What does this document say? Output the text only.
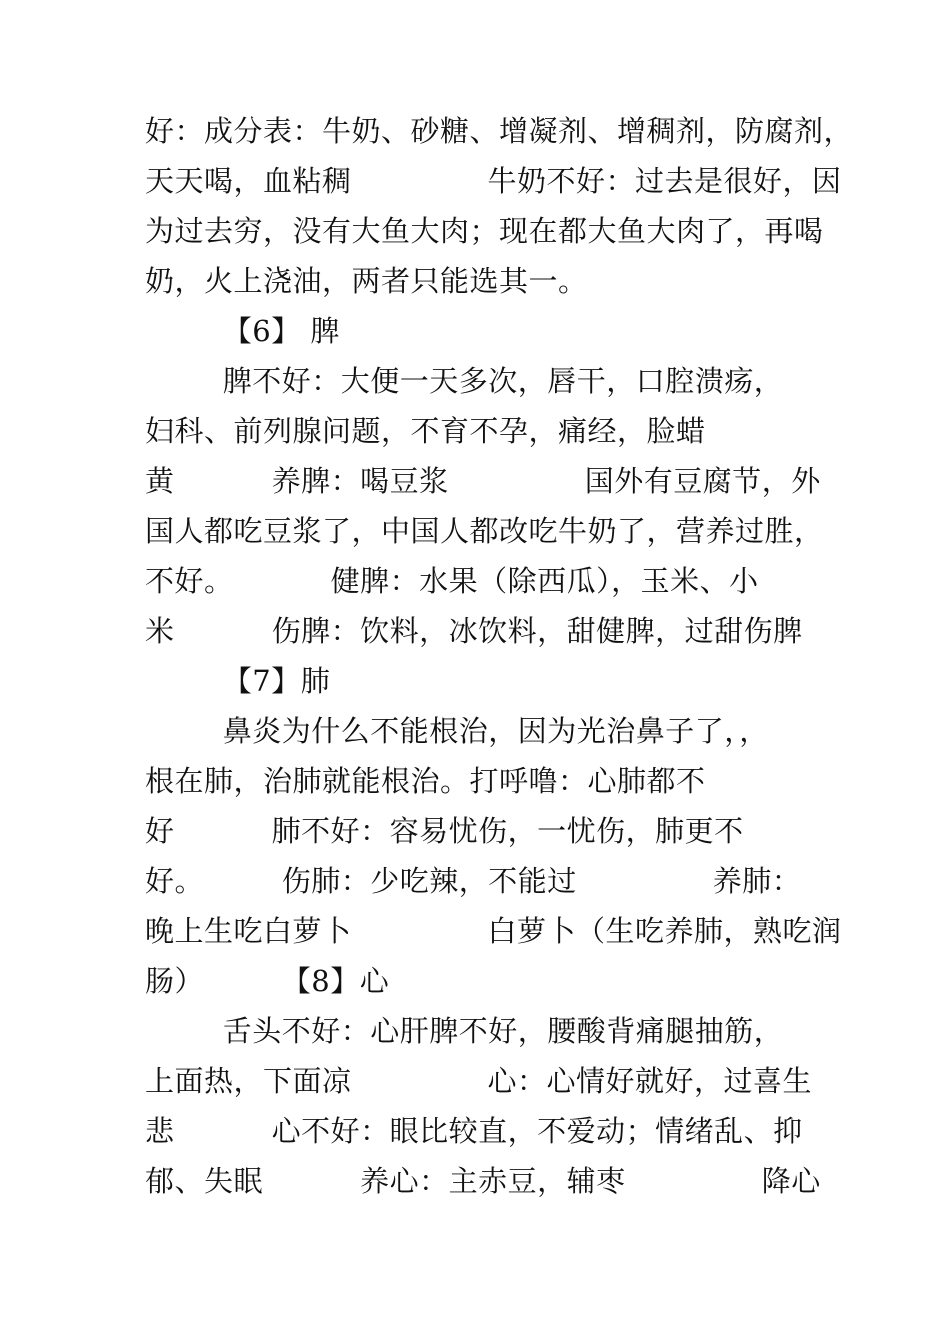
好：成分表：牛奶、砂糖、增凝剂、增稠剂，防腐剂，
天天喝，血粘稠              牛奶不好：过去是很好，因
为过去穷，没有大鱼大肉；现在都大鱼大肉了，再喝
奶，火上浇油，两者只能选其一。
【6】 脾
脾不好：大便一天多次，唇干，口腔溃疡，
妇科、前列腺问题，不育不孕，痛经，脸蜡
黄          养脾：喝豆浆              国外有豆腐节，外
国人都吃豆浆了，中国人都改吃牛奶了，营养过胜，
不好。          健脾：水果（除西瓜），玉米、小
米          伤脾：饮料，冰饮料，甜健脾，过甜伤脾
【7】肺
鼻炎为什么不能根治，因为光治鼻子了，，
根在肺，治肺就能根治。打呼噜：心肺都不
好          肺不好：容易忧伤，一忧伤，肺更不
好。        伤肺：少吃辣，不能过              养肺：
晚上生吃白萝卜              白萝卜（生吃养肺，熟吃润
肠）        【8】心
舌头不好：心肝脾不好，腰酸背痛腿抽筋，
上面热，下面凉              心：心情好就好，过喜生
悲          心不好：眼比较直，不爱动；情绪乱、抑
郁、失眠          养心：主赤豆，辅枣              降心
